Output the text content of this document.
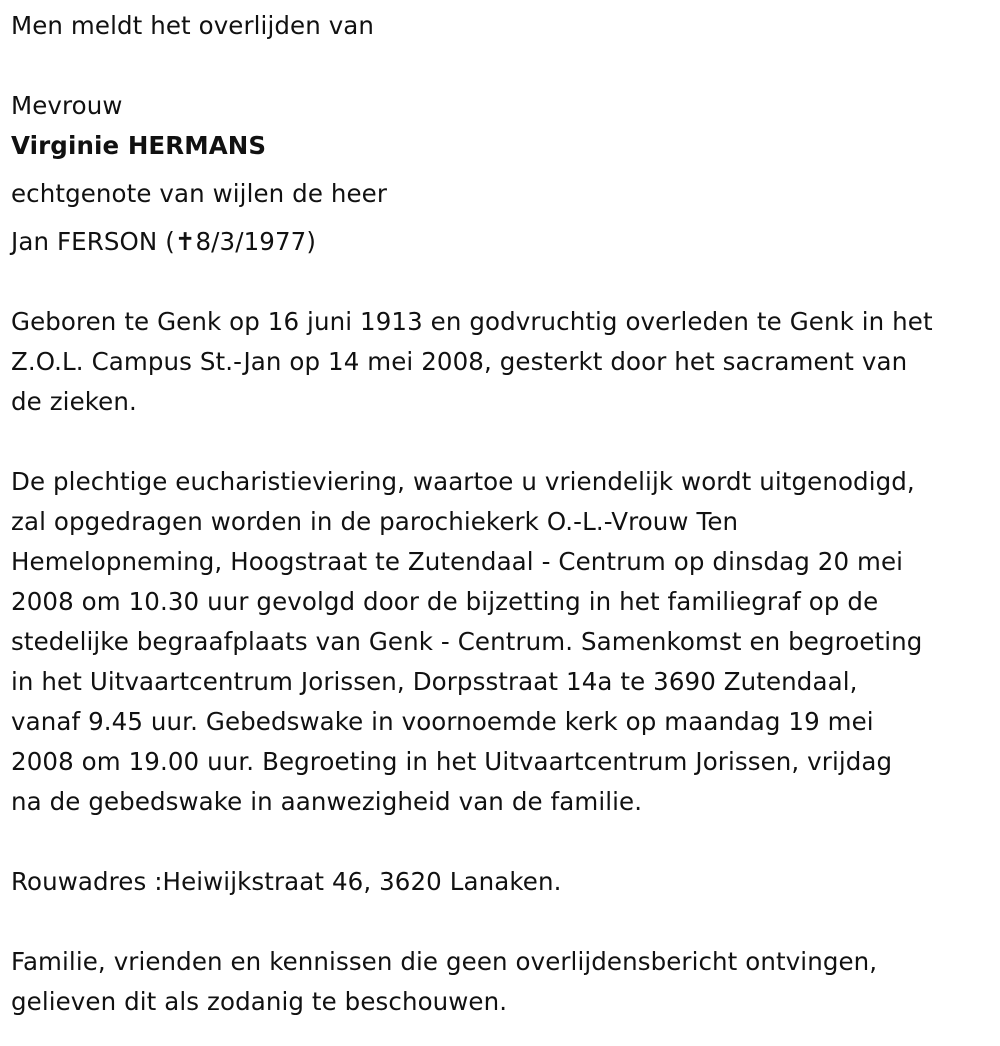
Men meldt het overlijden van
Mevrouw
Virginie HERMANS
echtgenote van wijlen de heer
Jan FERSON (✝8/3/1977)
Geboren te Genk op 16 juni 1913 en godvruchtig overleden te Genk in het
Z.O.L. Campus St.-Jan op 14 mei 2008, gesterkt door het sacrament van
de zieken.
De plechtige eucharistieviering, waartoe u vriendelijk wordt uitgenodigd,
zal opgedragen worden in de parochiekerk O.-L.-Vrouw Ten
Hemelopneming, Hoogstraat te Zutendaal - Centrum op dinsdag 20 mei
2008 om 10.30 uur gevolgd door de bijzetting in het familiegraf op de
stedelijke begraafplaats van Genk - Centrum. Samenkomst en begroeting
in het Uitvaartcentrum Jorissen, Dorpsstraat 14a te 3690 Zutendaal,
vanaf 9.45 uur. Gebedswake in voornoemde kerk op maandag 19 mei
2008 om 19.00 uur. Begroeting in het Uitvaartcentrum Jorissen, vrijdag
na de gebedswake in aanwezigheid van de familie.
Rouwadres :Heiwijkstraat 46, 3620 Lanaken.
Familie, vrienden en kennissen die geen overlijdensbericht ontvingen,
gelieven dit als zodanig te beschouwen.
